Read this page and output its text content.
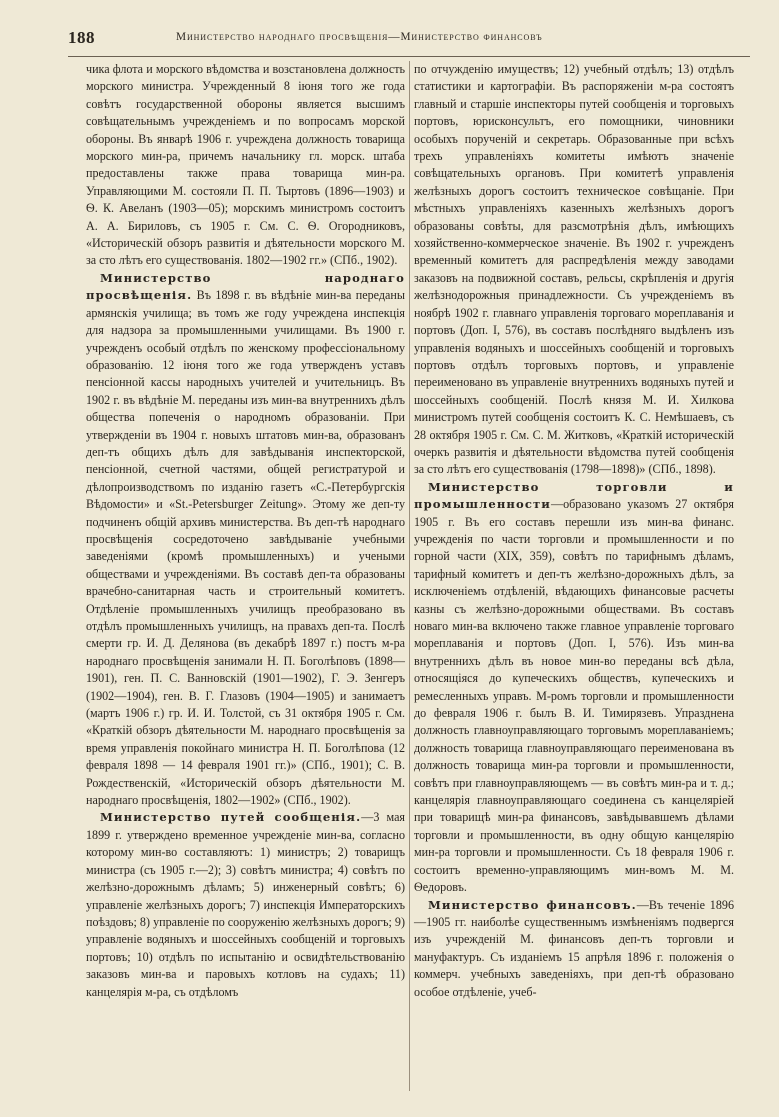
188	Министерство народнаго просвѣщенія—Министерство финансовъ

чика флота и морского вѣдомства и возстановлена должность морского министра. Учрежденный 8 іюня того же года совѣтъ государственной обороны является высшимъ совѣщательнымъ учрежденіемъ и по вопросамъ морской обороны. Въ январѣ 1906 г. учреждена должность товарища морского мин-ра, причемъ начальнику гл. морск. штаба предоставлены также права товарища мин-ра. Управляющими М. состояли П. П. Тыртовъ (1896—1903) и Ѳ. К. Авеланъ (1903—05); морскимъ министромъ состоитъ А. А. Бириловъ, съ 1905 г. См. С. Ѳ. Огородниковъ, «Историческій обзоръ развитія и дѣятельности морского М. за сто лѣтъ его существованія. 1802—1902 гг.» (СПб., 1902).

Министерство народнаго просвѣщенія. Въ 1898 г. въ вѣдѣніе мин-ва переданы армянскія училища; въ томъ же году учреждена инспекція для надзора за промышленными училищами. Въ 1900 г. учрежденъ особый отдѣлъ по женскому профессіональному образованію. 12 іюня того же года утвержденъ уставъ пенсіонной кассы народныхъ учителей и учительницъ. Въ 1902 г. въ вѣдѣніе М. переданы изъ мин-ва внутреннихъ дѣлъ общества попеченія о народномъ образованіи. При утвержденіи въ 1904 г. новыхъ штатовъ мин-ва, образованъ деп-тъ общихъ дѣлъ для завѣдыванія инспекторской, пенсіонной, счетной частями, общей регистратурой и дѣлопроизводствомъ по изданію газетъ «С.-Петербургскія Вѣдомости» и «St.-Petersburger Zeitung». Этому же деп-ту подчиненъ общій архивъ министерства. Въ деп-тѣ народнаго просвѣщенія сосредоточено завѣдываніе учебными заведеніями (кромѣ промышленныхъ) и учеными обществами и учрежденіями. Въ составѣ деп-та образованы врачебно-санитарная часть и строительный комитетъ. Отдѣленіе промышленныхъ училищъ преобразовано въ отдѣлъ промышленныхъ училищъ, на правахъ деп-та. Послѣ смерти гр. И. Д. Делянова (въ декабрѣ 1897 г.) постъ м-ра народнаго просвѣщенія занимали Н. П. Боголѣповъ (1898—1901), ген. П. С. Ванновскій (1901—1902), Г. Э. Зенгеръ (1902—1904), ген. В. Г. Глазовъ (1904—1905) и занимаетъ (мартъ 1906 г.) гр. И. И. Толстой, съ 31 октября 1905 г. См. «Краткій обзоръ дѣятельности М. народнаго просвѣщенія за время управленія покойнаго министра Н. П. Боголѣпова (12 февраля 1898 — 14 февраля 1901 гг.)» (СПб., 1901); С. В. Рождественскій, «Историческій обзоръ дѣятельности М. народнаго просвѣщенія, 1802—1902» (СПб., 1902).

Министерство путей сообщенія.—3 мая 1899 г. утверждено временное учрежденіе мин-ва, согласно которому мин-во составляютъ: 1) министръ; 2) товарищъ министра (съ 1905 г.—2); 3) совѣтъ министра; 4) совѣтъ по желѣзно-дорожнымъ дѣламъ; 5) инженерный совѣтъ; 6) управленіе желѣзныхъ дорогъ; 7) инспекція Императорскихъ поѣздовъ; 8) управленіе по сооруженію желѣзныхъ дорогъ; 9) управленіе водяныхъ и шоссейныхъ сообщеній и торговыхъ портовъ; 10) отдѣлъ по испытанію и освидѣтельствованію заказовъ мин-ва и паровыхъ котловъ на судахъ; 11) канцелярія м-ра, съ отдѣломъ

по отчужденію имуществъ; 12) учебный отдѣлъ; 13) отдѣлъ статистики и картографіи. Въ распоряженіи м-ра состоятъ главный и старшіе инспекторы путей сообщенія и торговыхъ портовъ, юрисконсультъ, его помощники, чиновники особыхъ порученій и секретарь. Образованные при всѣхъ трехъ управленіяхъ комитеты имѣютъ значеніе совѣщательныхъ органовъ. При комитетѣ управленія желѣзныхъ дорогъ состоитъ техническое совѣщаніе. При мѣстныхъ управленіяхъ казенныхъ желѣзныхъ дорогъ образованы совѣты, для разсмотрѣнія дѣлъ, имѣющихъ хозяйственно-коммерческое значеніе. Въ 1902 г. учрежденъ временный комитетъ для распредѣленія между заводами заказовъ на подвижной составъ, рельсы, скрѣпленія и другія желѣзнодорожныя принадлежности. Съ учрежденіемъ въ ноябрѣ 1902 г. главнаго управленія торговаго мореплаванія и портовъ (Доп. I, 576), въ составъ послѣдняго выдѣленъ изъ управленія водяныхъ и шоссейныхъ сообщеній и торговыхъ портовъ отдѣлъ торговыхъ портовъ, и управленіе переименовано въ управленіе внутреннихъ водяныхъ путей и шоссейныхъ сообщеній. Послѣ князя М. И. Хилкова министромъ путей сообщенія состоитъ К. С. Немѣшаевъ, съ 28 октября 1905 г. См. С. М. Житковъ, «Краткій историческій очеркъ развитія и дѣятельности вѣдомства путей сообщенія за сто лѣтъ его существованія (1798—1898)» (СПб., 1898).

Министерство торговли и промышленности—образовано указомъ 27 октября 1905 г. Въ его составъ перешли изъ мин-ва финанс. учрежденія по части торговли и промышленности и по горной части (XIX, 359), совѣтъ по тарифнымъ дѣламъ, тарифный комитетъ и деп-тъ желѣзно-дорожныхъ дѣлъ, за исключеніемъ отдѣленій, вѣдающихъ финансовые расчеты казны съ желѣзно-дорожными обществами. Въ составъ новаго мин-ва включено также главное управленіе торговаго мореплаванія и портовъ (Доп. I, 576). Изъ мин-ва внутреннихъ дѣлъ въ новое мин-во переданы всѣ дѣла, относящіяся до купеческихъ обществъ, купеческихъ и ремесленныхъ управъ. М-ромъ торговли и промышленности до февраля 1906 г. былъ В. И. Тимирязевъ. Упразднена должность главноуправляющаго торговымъ мореплаваніемъ; должность товарища главноуправляющаго переименована въ должность товарища мин-ра торговли и промышленности, совѣтъ при главноуправляющемъ — въ совѣтъ мин-ра и т. д.; канцелярія главноуправляющаго соединена съ канцеляріей при товарищѣ мин-ра финансовъ, завѣдывавшемъ дѣлами торговли и промышленности, въ одну общую канцелярію мин-ра торговли и промышленности. Съ 18 февраля 1906 г. состоитъ временно-управляющимъ мин-вомъ М. М. Ѳедоровъ.

Министерство финансовъ.—Въ теченіе 1896—1905 гг. наиболѣе существеннымъ измѣненіямъ подвергся изъ учрежденій М. финансовъ деп-тъ торговли и мануфактуръ. Съ изданіемъ 15 апрѣля 1896 г. положенія о коммерч. учебныхъ заведеніяхъ, при деп-тѣ образовано особое отдѣленіе, учеб-
